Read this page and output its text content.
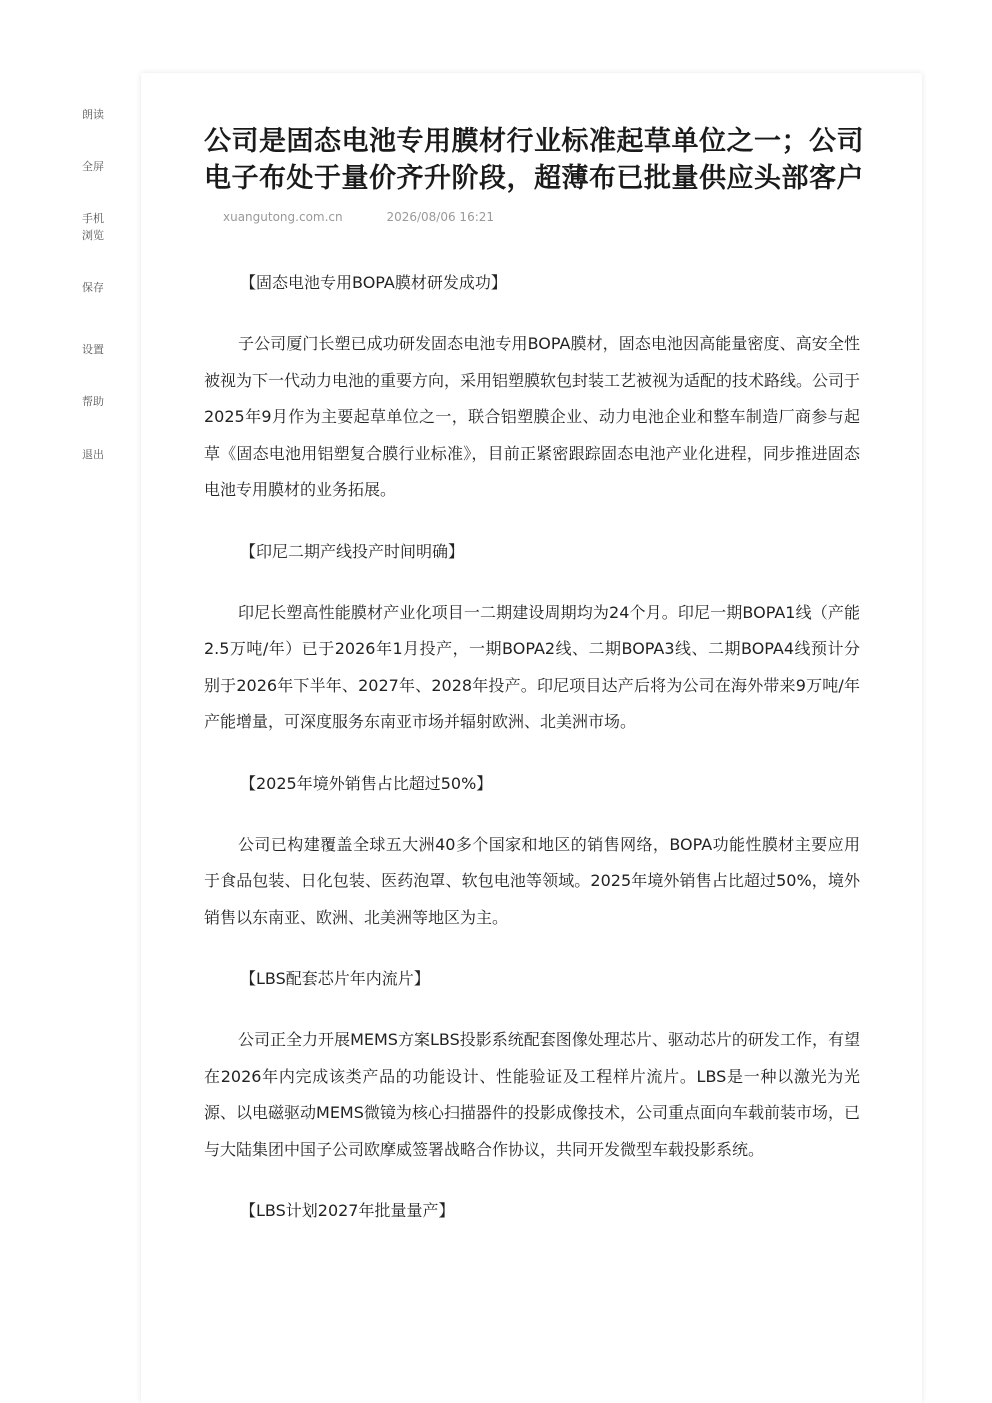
朗读
全屏
手机
浏览
保存
设置
帮助
退出
公司是固态电池专用膜材行业标准起草单位之一；公司电子布处于量价齐升阶段，超薄布已批量供应头部客户
xuangutong.com.cn	2026/08/06 16:21

【固态电池专用BOPA膜材研发成功】

子公司厦门长塑已成功研发固态电池专用BOPA膜材，固态电池因高能量密度、高安全性被视为下一代动力电池的重要方向，采用铝塑膜软包封装工艺被视为适配的技术路线。公司于2025年9月作为主要起草单位之一，联合铝塑膜企业、动力电池企业和整车制造厂商参与起草《固态电池用铝塑复合膜行业标准》，目前正紧密跟踪固态电池产业化进程，同步推进固态电池专用膜材的业务拓展。

【印尼二期产线投产时间明确】

印尼长塑高性能膜材产业化项目一二期建设周期均为24个月。印尼一期BOPA1线（产能2.5万吨/年）已于2026年1月投产，一期BOPA2线、二期BOPA3线、二期BOPA4线预计分别于2026年下半年、2027年、2028年投产。印尼项目达产后将为公司在海外带来9万吨/年产能增量，可深度服务东南亚市场并辐射欧洲、北美洲市场。

【2025年境外销售占比超过50%】

公司已构建覆盖全球五大洲40多个国家和地区的销售网络，BOPA功能性膜材主要应用于食品包装、日化包装、医药泡罩、软包电池等领域。2025年境外销售占比超过50%，境外销售以东南亚、欧洲、北美洲等地区为主。

【LBS配套芯片年内流片】

公司正全力开展MEMS方案LBS投影系统配套图像处理芯片、驱动芯片的研发工作，有望在2026年内完成该类产品的功能设计、性能验证及工程样片流片。LBS是一种以激光为光源、以电磁驱动MEMS微镜为核心扫描器件的投影成像技术，公司重点面向车载前装市场，已与大陆集团中国子公司欧摩威签署战略合作协议，共同开发微型车载投影系统。

【LBS计划2027年批量量产】
